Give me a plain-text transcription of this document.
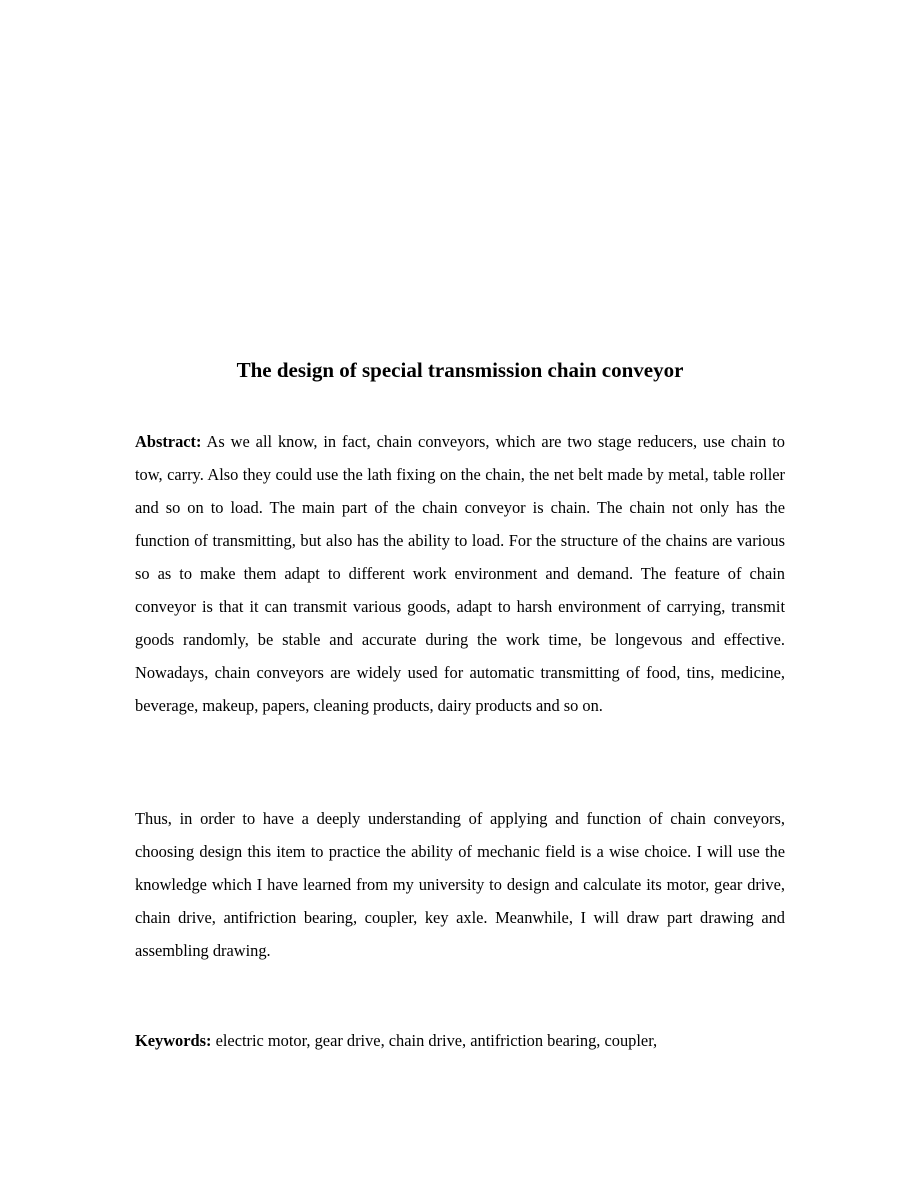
The design of special transmission chain conveyor

Abstract: As we all know, in fact, chain conveyors, which are two stage reducers, use chain to tow, carry. Also they could use the lath fixing on the chain, the net belt made by metal, table roller and so on to load. The main part of the chain conveyor is chain. The chain not only has the function of transmitting, but also has the ability to load. For the structure of the chains are various so as to make them adapt to different work environment and demand. The feature of chain conveyor is that it can transmit various goods, adapt to harsh environment of carrying, transmit goods randomly, be stable and accurate during the work time, be longevous and effective. Nowadays, chain conveyors are widely used for automatic transmitting of food, tins, medicine, beverage, makeup, papers, cleaning products, dairy products and so on.

Thus, in order to have a deeply understanding of applying and function of chain conveyors, choosing design this item to practice the ability of mechanic field is a wise choice. I will use the knowledge which I have learned from my university to design and calculate its motor, gear drive, chain drive, antifriction bearing, coupler, key axle. Meanwhile, I will draw part drawing and assembling drawing.

Keywords: electric motor, gear drive, chain drive, antifriction bearing, coupler,
